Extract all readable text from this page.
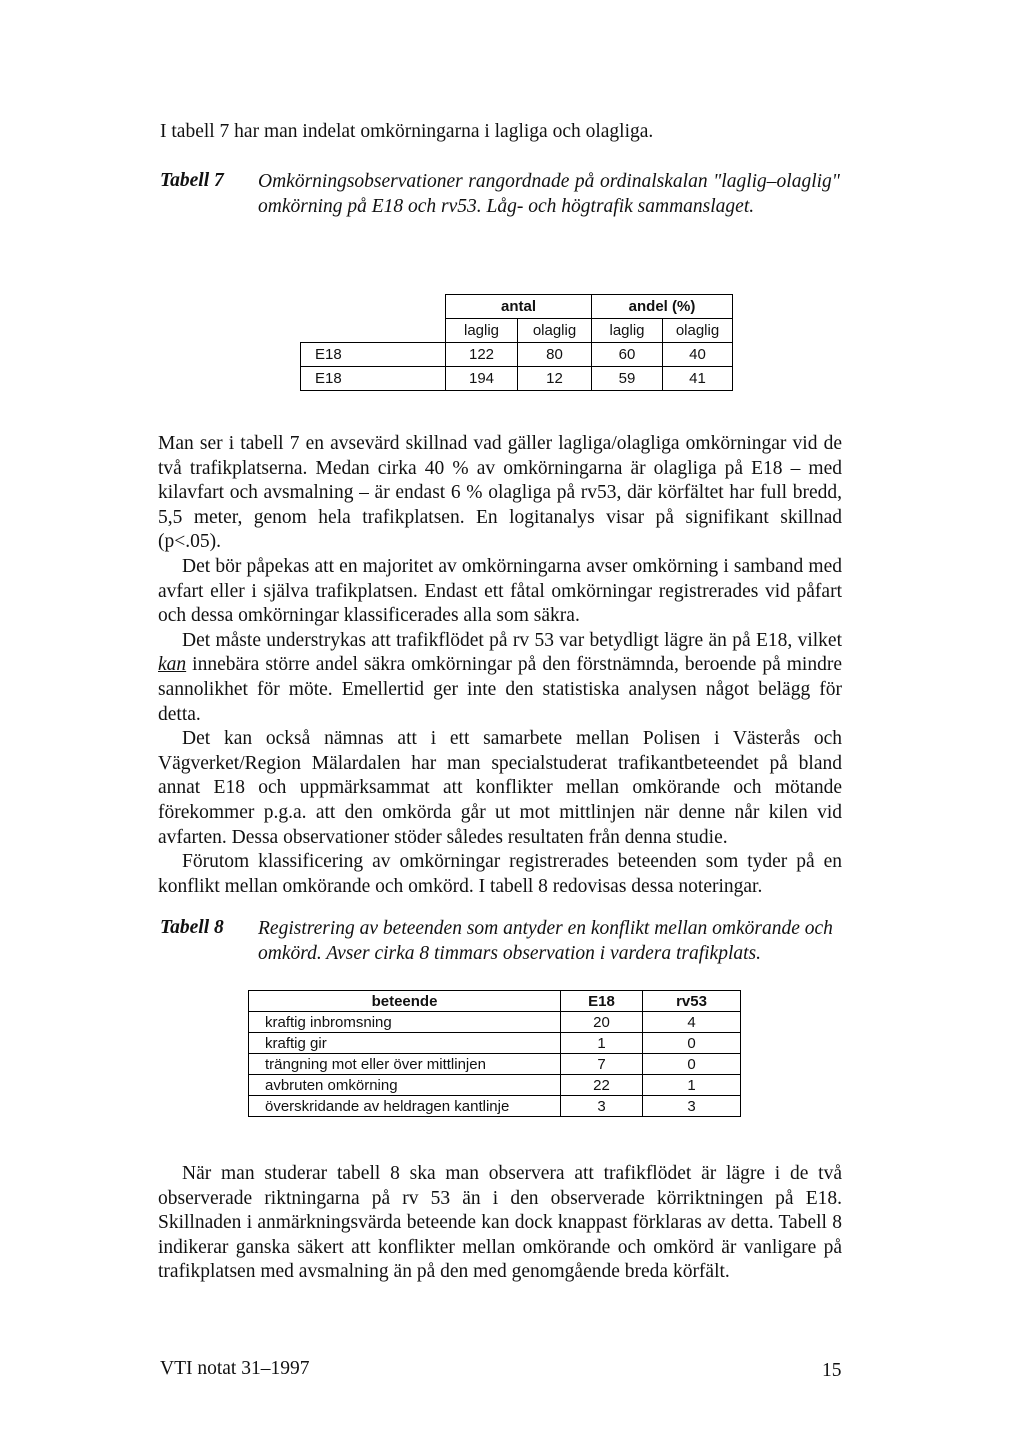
I tabell 7 har man indelat omkörningarna i lagliga och olagliga.
Tabell 7 Omkörningsobservationer rangordnade på ordinalskalan "laglig–olaglig" omkörning på E18 och rv53. Låg- och högtrafik sammanslaget.
	antal		andel (%)	
	laglig	olaglig	laglig	olaglig
E18	122	80	60	40
E18	194	12	59	41

Man ser i tabell 7 en avsevärd skillnad vad gäller lagliga/olagliga omkörningar vid de två trafikplatserna. Medan cirka 40 % av omkörningarna är olagliga på E18 – med kilavfart och avsmalning – är endast 6 % olagliga på rv53, där körfältet har full bredd, 5,5 meter, genom hela trafikplatsen. En logitanalys visar på signifikant skillnad (p<.05).

Det bör påpekas att en majoritet av omkörningarna avser omkörning i samband med avfart eller i själva trafikplatsen. Endast ett fåtal omkörningar registrerades vid påfart och dessa omkörningar klassificerades alla som säkra.

Det måste understrykas att trafikflödet på rv 53 var betydligt lägre än på E18, vilket kan innebära större andel säkra omkörningar på den förstnämnda, beroende på mindre sannolikhet för möte. Emellertid ger inte den statistiska analysen något belägg för detta.

Det kan också nämnas att i ett samarbete mellan Polisen i Västerås och Vägverket/Region Mälardalen har man specialstuderat trafikantbeteendet på bland annat E18 och uppmärksammat att konflikter mellan omkörande och mötande förekommer p.g.a. att den omkörda går ut mot mittlinjen när denne når kilen vid avfarten. Dessa observationer stöder således resultaten från denna studie.

Förutom klassificering av omkörningar registrerades beteenden som tyder på en konflikt mellan omkörande och omkörd. I tabell 8 redovisas dessa noteringar.

Tabell 8 Registrering av beteenden som antyder en konflikt mellan omkörande och omkörd. Avser cirka 8 timmars observation i vardera trafikplats.
beteende	E18	rv53
kraftig inbromsning	20	4
kraftig gir	1	0
trängning mot eller över mittlinjen	7	0
avbruten omkörning	22	1
överskridande av heldragen kantlinje	3	3

När man studerar tabell 8 ska man observera att trafikflödet är lägre i de två observerade riktningarna på rv 53 än i den observerade körriktningen på E18. Skillnaden i anmärkningsvärda beteende kan dock knappast förklaras av detta. Tabell 8 indikerar ganska säkert att konflikter mellan omkörande och omkörd är vanligare på trafikplatsen med avsmalning än på den med genomgående breda körfält.

VTI notat 31–1997	15
